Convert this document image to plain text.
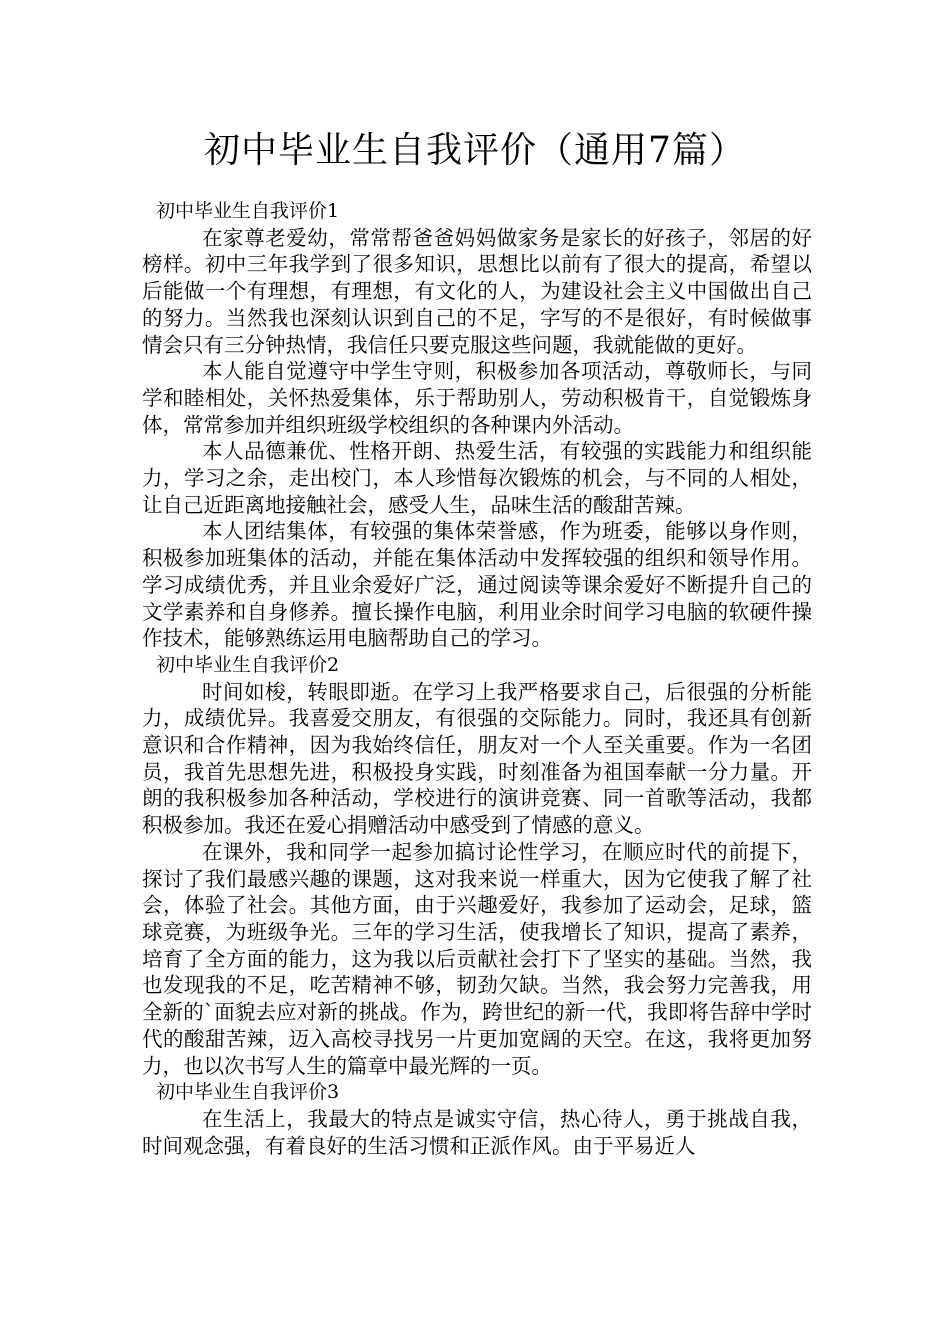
初中毕业生自我评价（通用7篇）

初中毕业生自我评价1

在家尊老爱幼，常常帮爸爸妈妈做家务是家长的好孩子，邻居的好榜样。初中三年我学到了很多知识，思想比以前有了很大的提高，希望以后能做一个有理想，有理想，有文化的人，为建设社会主义中国做出自己的努力。当然我也深刻认识到自己的不足，字写的不是很好，有时候做事情会只有三分钟热情，我信任只要克服这些问题，我就能做的更好。

本人能自觉遵守中学生守则，积极参加各项活动，尊敬师长，与同学和睦相处，关怀热爱集体，乐于帮助别人，劳动积极肯干，自觉锻炼身体，常常参加并组织班级学校组织的各种课内外活动。

本人品德兼优、性格开朗、热爱生活，有较强的实践能力和组织能力，学习之余，走出校门，本人珍惜每次锻炼的机会，与不同的人相处，让自己近距离地接触社会，感受人生，品味生活的酸甜苦辣。

本人团结集体，有较强的集体荣誉感，作为班委，能够以身作则，积极参加班集体的活动，并能在集体活动中发挥较强的组织和领导作用。学习成绩优秀，并且业余爱好广泛，通过阅读等课余爱好不断提升自己的文学素养和自身修养。擅长操作电脑，利用业余时间学习电脑的软硬件操作技术，能够熟练运用电脑帮助自己的学习。

初中毕业生自我评价2

时间如梭，转眼即逝。在学习上我严格要求自己，后很强的分析能力，成绩优异。我喜爱交朋友，有很强的交际能力。同时，我还具有创新意识和合作精神，因为我始终信任，朋友对一个人至关重要。作为一名团员，我首先思想先进，积极投身实践，时刻准备为祖国奉献一分力量。开朗的我积极参加各种活动，学校进行的演讲竞赛、同一首歌等活动，我都积极参加。我还在爱心捐赠活动中感受到了情感的意义。

在课外，我和同学一起参加搞讨论性学习，在顺应时代的前提下，探讨了我们最感兴趣的课题，这对我来说一样重大，因为它使我了解了社会，体验了社会。其他方面，由于兴趣爱好，我参加了运动会，足球，篮球竞赛，为班级争光。三年的学习生活，使我增长了知识，提高了素养，培育了全方面的能力，这为我以后贡献社会打下了坚实的基础。当然，我也发现我的不足，吃苦精神不够，韧劲欠缺。当然，我会努力完善我，用全新的`面貌去应对新的挑战。作为，跨世纪的新一代，我即将告辞中学时代的酸甜苦辣，迈入高校寻找另一片更加宽阔的天空。在这，我将更加努力，也以次书写人生的篇章中最光辉的一页。

初中毕业生自我评价3

在生活上，我最大的特点是诚实守信，热心待人，勇于挑战自我，时间观念强，有着良好的生活习惯和正派作风。由于平易近人
